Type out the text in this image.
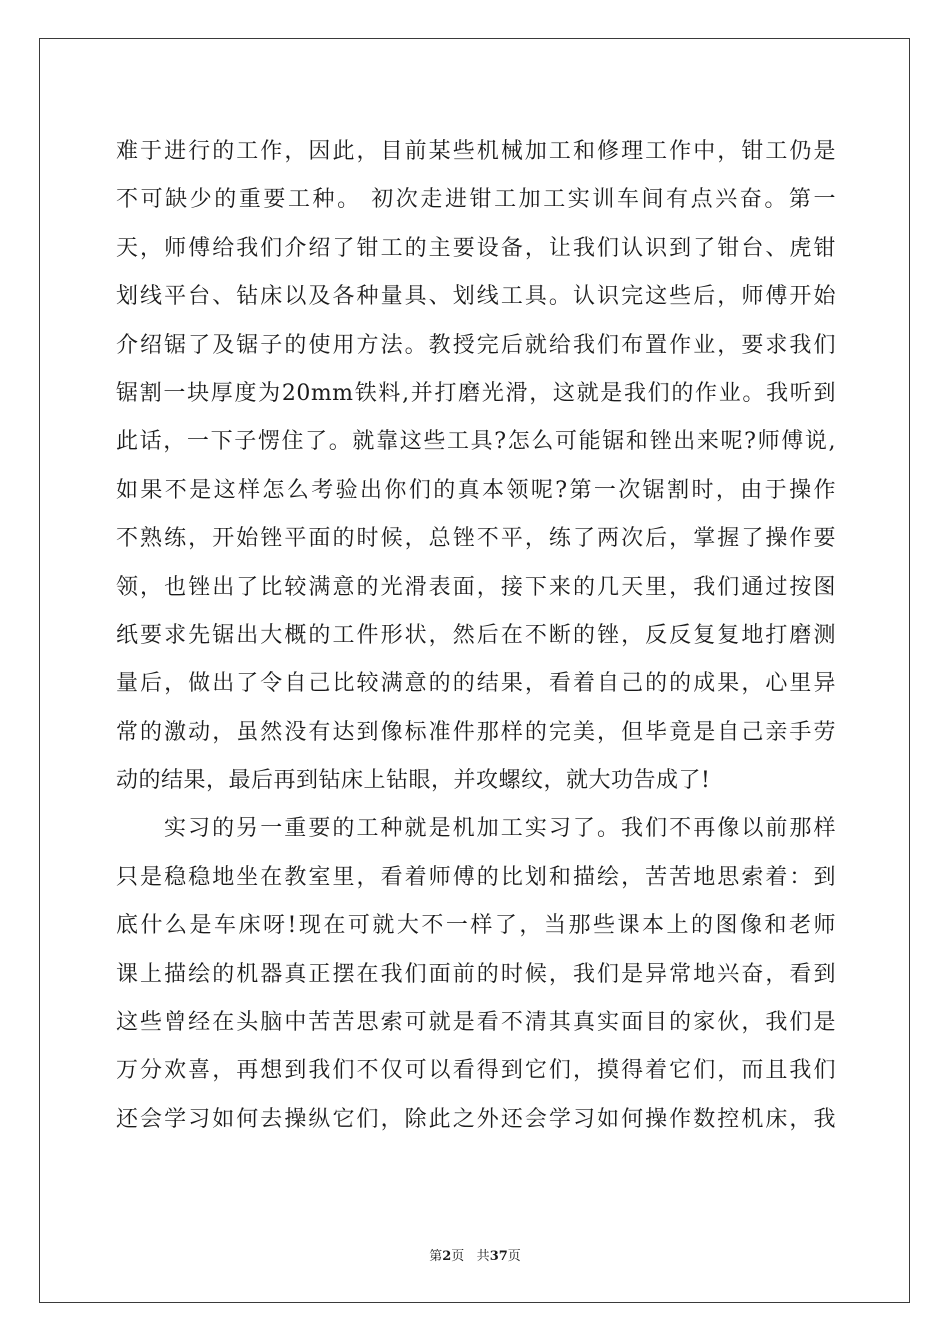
难于进行的工作，因此，目前某些机械加工和修理工作中，钳工仍是
不可缺少的重要工种。 初次走进钳工加工实训车间有点兴奋。第一
天，师傅给我们介绍了钳工的主要设备，让我们认识到了钳台、虎钳
划线平台、钻床以及各种量具、划线工具。认识完这些后，师傅开始
介绍锯了及锯子的使用方法。教授完后就给我们布置作业，要求我们
锯割一块厚度为20mm铁料,并打磨光滑，这就是我们的作业。我听到
此话，一下子愣住了。就靠这些工具?怎么可能锯和锉出来呢?师傅说,
如果不是这样怎么考验出你们的真本领呢?第一次锯割时，由于操作
不熟练，开始锉平面的时候，总锉不平，练了两次后，掌握了操作要
领，也锉出了比较满意的光滑表面，接下来的几天里，我们通过按图
纸要求先锯出大概的工件形状，然后在不断的锉，反反复复地打磨测
量后，做出了令自己比较满意的的结果，看着自己的的成果，心里异
常的激动，虽然没有达到像标准件那样的完美，但毕竟是自己亲手劳
动的结果，最后再到钻床上钻眼，并攻螺纹，就大功告成了!
实习的另一重要的工种就是机加工实习了。我们不再像以前那样
只是稳稳地坐在教室里，看着师傅的比划和描绘，苦苦地思索着：到
底什么是车床呀!现在可就大不一样了，当那些课本上的图像和老师
课上描绘的机器真正摆在我们面前的时候，我们是异常地兴奋，看到
这些曾经在头脑中苦苦思索可就是看不清其真实面目的家伙，我们是
万分欢喜，再想到我们不仅可以看得到它们，摸得着它们，而且我们
还会学习如何去操纵它们，除此之外还会学习如何操作数控机床，我
第2页 共37页
